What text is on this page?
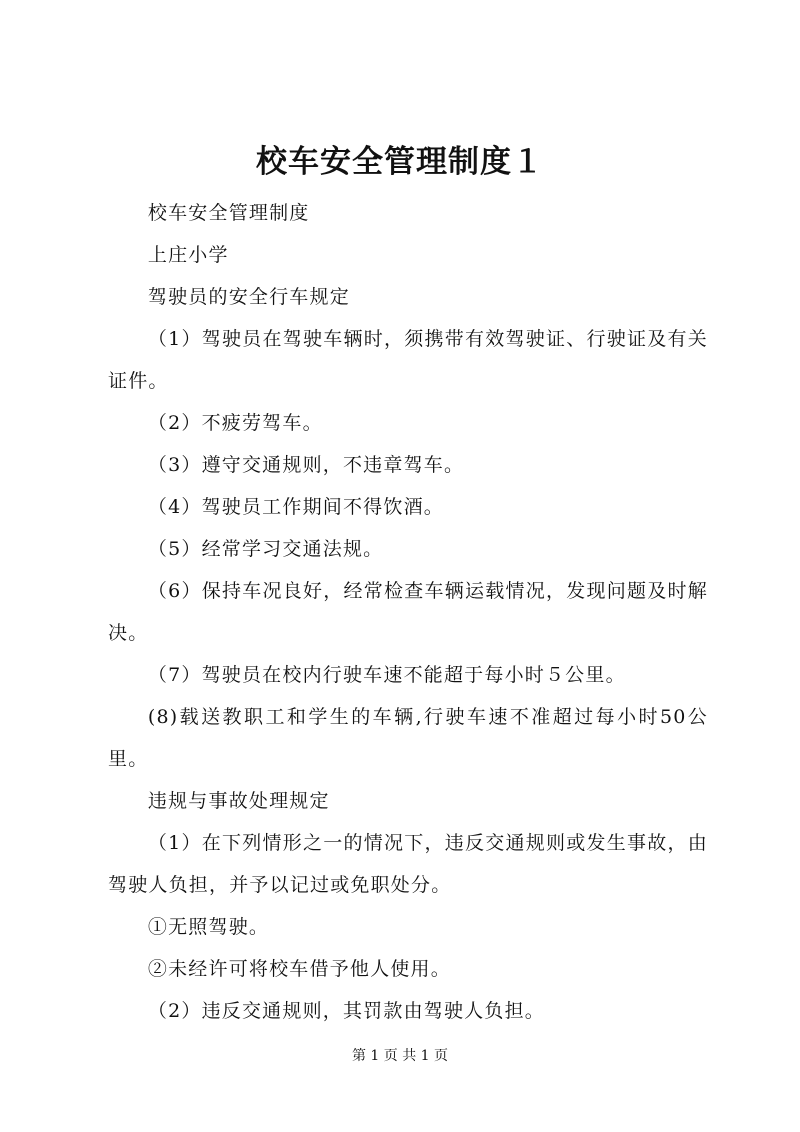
校车安全管理制度１

校车安全管理制度

上庄小学

驾驶员的安全行车规定

（1）驾驶员在驾驶车辆时，须携带有效驾驶证、行驶证及有关证件。

（2）不疲劳驾车。

（3）遵守交通规则，不违章驾车。

（4）驾驶员工作期间不得饮酒。

（5）经常学习交通法规。

（6）保持车况良好，经常检查车辆运载情况，发现问题及时解决。

（7）驾驶员在校内行驶车速不能超于每小时５公里。

(8)载送教职工和学生的车辆,行驶车速不准超过每小时50公里。

违规与事故处理规定

（1）在下列情形之一的情况下，违反交通规则或发生事故，由驾驶人负担，并予以记过或免职处分。

①无照驾驶。

②未经许可将校车借予他人使用。

（2）违反交通规则，其罚款由驾驶人负担。

第 1 页 共 1 页
